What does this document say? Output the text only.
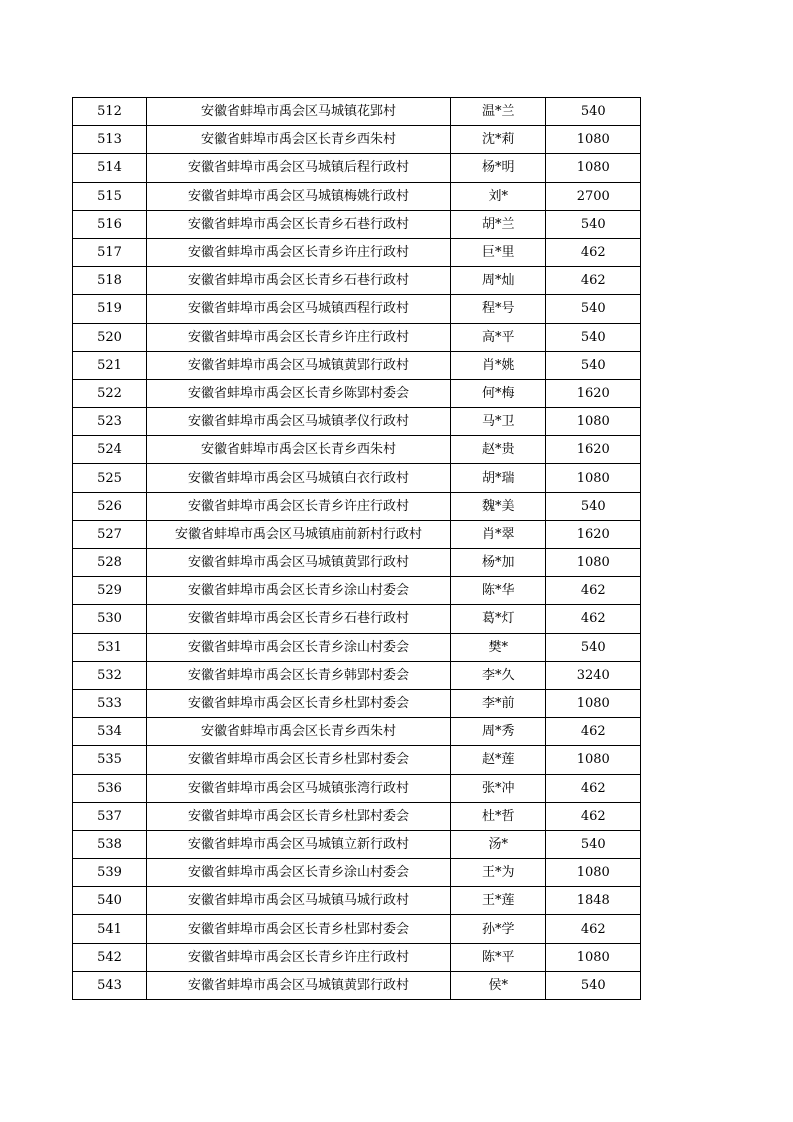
512	安徽省蚌埠市禹会区马城镇花郢村	温*兰	540
513	安徽省蚌埠市禹会区长青乡西朱村	沈*莉	1080
514	安徽省蚌埠市禹会区马城镇后程行政村	杨*明	1080
515	安徽省蚌埠市禹会区马城镇梅姚行政村	刘*	2700
516	安徽省蚌埠市禹会区长青乡石巷行政村	胡*兰	540
517	安徽省蚌埠市禹会区长青乡许庄行政村	巨*里	462
518	安徽省蚌埠市禹会区长青乡石巷行政村	周*灿	462
519	安徽省蚌埠市禹会区马城镇西程行政村	程*号	540
520	安徽省蚌埠市禹会区长青乡许庄行政村	高*平	540
521	安徽省蚌埠市禹会区马城镇黄郢行政村	肖*姚	540
522	安徽省蚌埠市禹会区长青乡陈郢村委会	何*梅	1620
523	安徽省蚌埠市禹会区马城镇孝仪行政村	马*卫	1080
524	安徽省蚌埠市禹会区长青乡西朱村	赵*贵	1620
525	安徽省蚌埠市禹会区马城镇白衣行政村	胡*瑞	1080
526	安徽省蚌埠市禹会区长青乡许庄行政村	魏*美	540
527	安徽省蚌埠市禹会区马城镇庙前新村行政村	肖*翠	1620
528	安徽省蚌埠市禹会区马城镇黄郢行政村	杨*加	1080
529	安徽省蚌埠市禹会区长青乡涂山村委会	陈*华	462
530	安徽省蚌埠市禹会区长青乡石巷行政村	葛*灯	462
531	安徽省蚌埠市禹会区长青乡涂山村委会	樊*	540
532	安徽省蚌埠市禹会区长青乡韩郢村委会	李*久	3240
533	安徽省蚌埠市禹会区长青乡杜郢村委会	李*前	1080
534	安徽省蚌埠市禹会区长青乡西朱村	周*秀	462
535	安徽省蚌埠市禹会区长青乡杜郢村委会	赵*莲	1080
536	安徽省蚌埠市禹会区马城镇张湾行政村	张*冲	462
537	安徽省蚌埠市禹会区长青乡杜郢村委会	杜*哲	462
538	安徽省蚌埠市禹会区马城镇立新行政村	汤*	540
539	安徽省蚌埠市禹会区长青乡涂山村委会	王*为	1080
540	安徽省蚌埠市禹会区马城镇马城行政村	王*莲	1848
541	安徽省蚌埠市禹会区长青乡杜郢村委会	孙*学	462
542	安徽省蚌埠市禹会区长青乡许庄行政村	陈*平	1080
543	安徽省蚌埠市禹会区马城镇黄郢行政村	侯*	540
